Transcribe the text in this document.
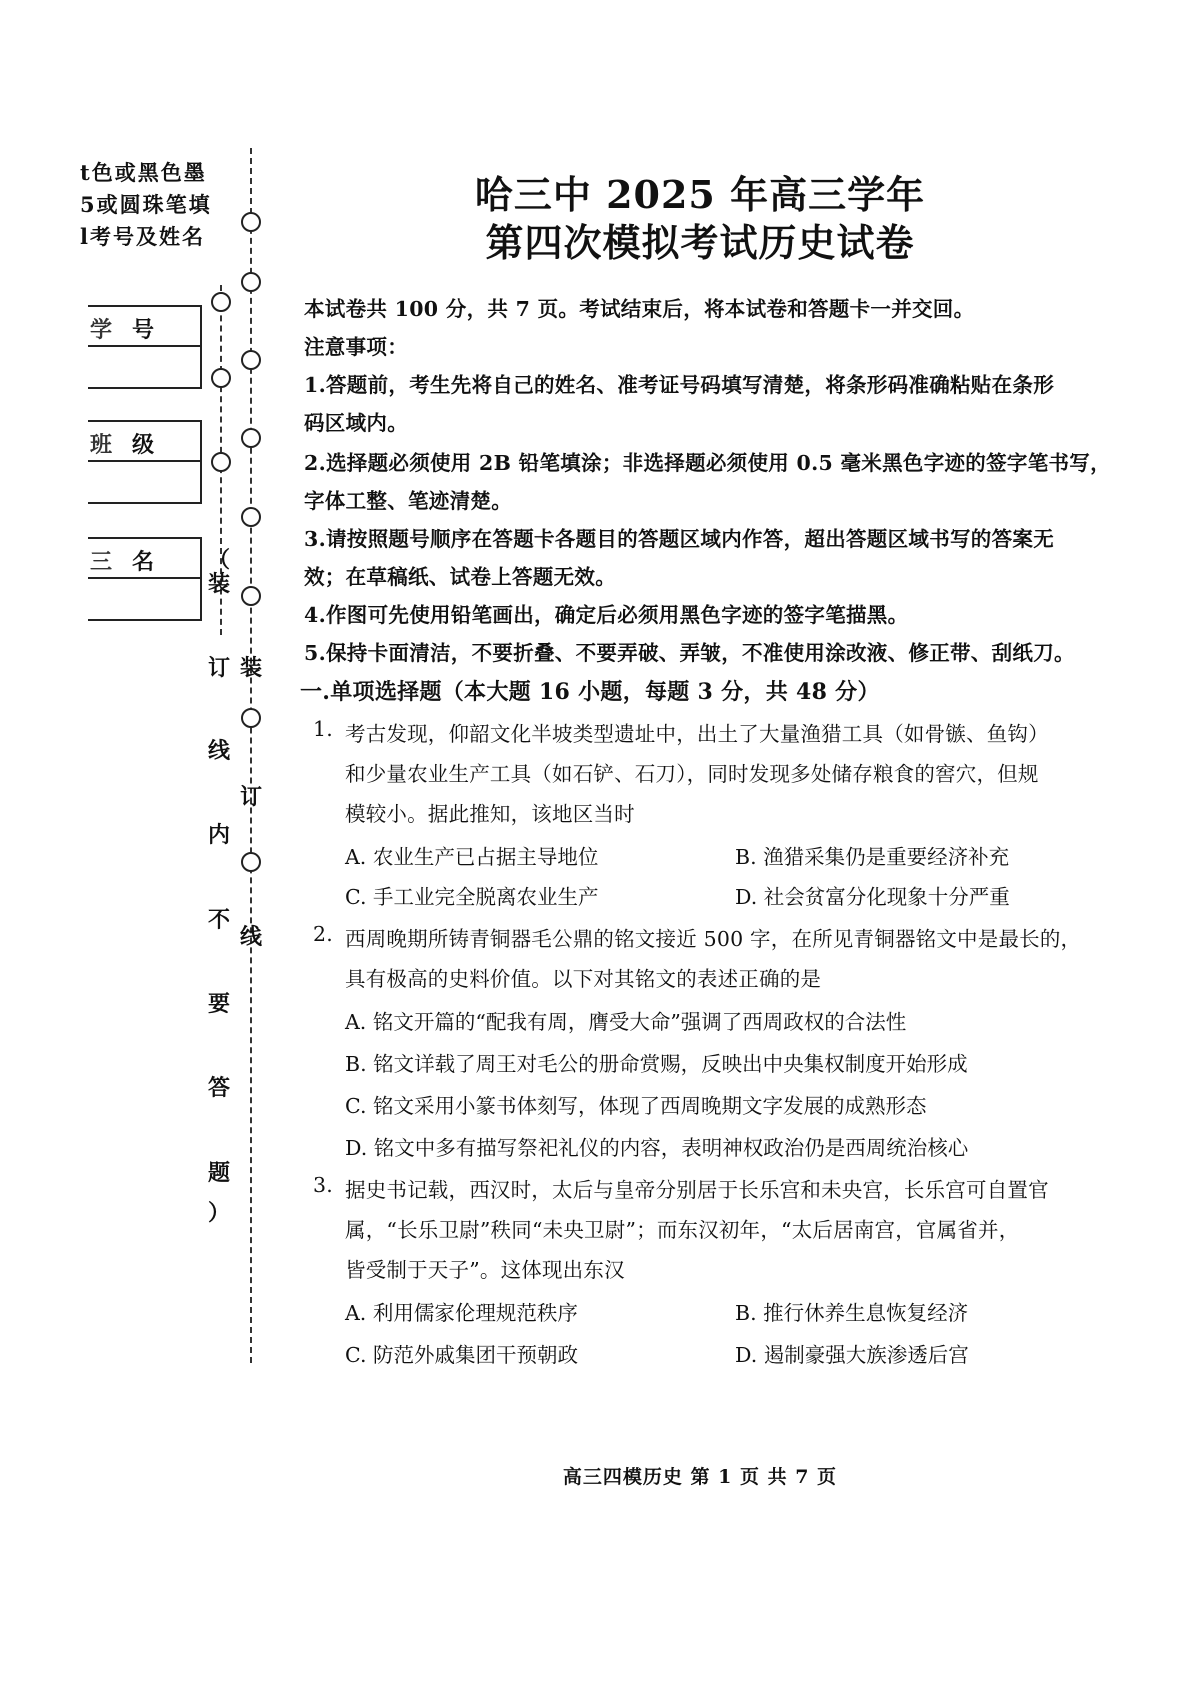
t色或黑色墨
5或圆珠笔填
l考号及姓名
学 号
班 级
三 名 （
装
订
线
内
不
要
答
题
）
装
订
线
哈三中 2025 年高三学年
第四次模拟考试历史试卷
本试卷共 100 分，共 7 页。考试结束后，将本试卷和答题卡一并交回。
注意事项：
1.答题前，考生先将自己的姓名、准考证号码填写清楚，将条形码准确粘贴在条形
码区域内。
2.选择题必须使用 2B 铅笔填涂；非选择题必须使用 0.5 毫米黑色字迹的签字笔书写，
字体工整、笔迹清楚。
3.请按照题号顺序在答题卡各题目的答题区域内作答，超出答题区域书写的答案无
效；在草稿纸、试卷上答题无效。
4.作图可先使用铅笔画出，确定后必须用黑色字迹的签字笔描黑。
5.保持卡面清洁，不要折叠、不要弄破、弄皱，不准使用涂改液、修正带、刮纸刀。
一.单项选择题（本大题 16 小题，每题 3 分，共 48 分）
1. 考古发现，仰韶文化半坡类型遗址中，出土了大量渔猎工具（如骨镞、鱼钩）
和少量农业生产工具（如石铲、石刀），同时发现多处储存粮食的窖穴，但规
模较小。据此推知，该地区当时
A. 农业生产已占据主导地位	B. 渔猎采集仍是重要经济补充
C. 手工业完全脱离农业生产	D. 社会贫富分化现象十分严重
2. 西周晚期所铸青铜器毛公鼎的铭文接近 500 字，在所见青铜器铭文中是最长的，
具有极高的史料价值。以下对其铭文的表述正确的是
A. 铭文开篇的“配我有周，膺受大命”强调了西周政权的合法性
B. 铭文详载了周王对毛公的册命赏赐，反映出中央集权制度开始形成
C. 铭文采用小篆书体刻写，体现了西周晚期文字发展的成熟形态
D. 铭文中多有描写祭祀礼仪的内容，表明神权政治仍是西周统治核心
3. 据史书记载，西汉时，太后与皇帝分别居于长乐宫和未央宫，长乐宫可自置官
属，“长乐卫尉”秩同“未央卫尉”；而东汉初年，“太后居南宫，官属省并，
皆受制于天子”。这体现出东汉
A. 利用儒家伦理规范秩序	B. 推行休养生息恢复经济
C. 防范外戚集团干预朝政	D. 遏制豪强大族渗透后宫
高三四模历史 第 1 页 共 7 页
